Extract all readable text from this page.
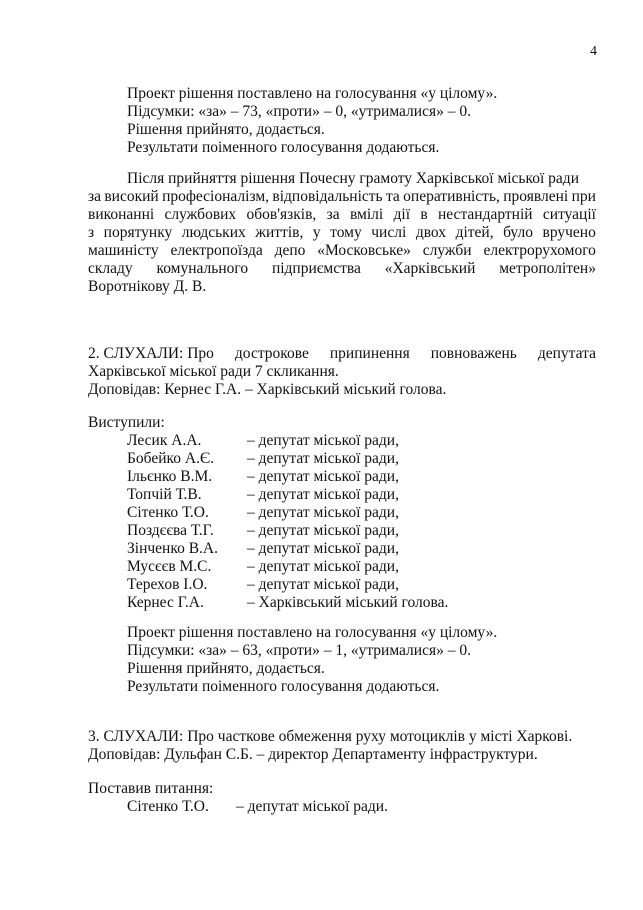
4
Проект рішення поставлено на голосування «у цілому».
Підсумки: «за» – 73, «проти» – 0, «утрималися» – 0.
Рішення прийнято, додається.
Результати поіменного голосування додаються.
Після прийняття рішення Почесну грамоту Харківської міської ради
за високий професіоналізм, відповідальність та оперативність, проявлені при
виконанні службових обов'язків, за вмілі дії в нестандартній ситуації
з порятунку людських життів, у тому числі двох дітей, було вручено
машиністу електропоїзда депо «Московське» служби електрорухомого
складу комунального підприємства «Харківський метрополітен»
Воротнікову Д. В.
2. СЛУХАЛИ: Про дострокове припинення повноважень депутата
Харківської міської ради 7 скликання.
Доповідав: Кернес Г.А. – Харківський міський голова.
Виступили:
Лесик А.А.	– депутат міської ради,
Бобейко А.Є. – депутат міської ради,
Ільєнко В.М. – депутат міської ради,
Топчій Т.В.	– депутат міської ради,
Сітенко Т.О. – депутат міської ради,
Поздєєва Т.Г. – депутат міської ради,
Зінченко В.А. – депутат міської ради,
Мусєєв М.С. – депутат міської ради,
Терехов І.О.	– депутат міської ради,
Кернес Г.А.	– Харківський міський голова.
Проект рішення поставлено на голосування «у цілому».
Підсумки: «за» – 63, «проти» – 1, «утрималися» – 0.
Рішення прийнято, додається.
Результати поіменного голосування додаються.
3. СЛУХАЛИ: Про часткове обмеження руху мотоциклів у місті Харкові.
Доповідав: Дульфан С.Б. – директор Департаменту інфраструктури.
Поставив питання:
Сітенко Т.О. – депутат міської ради.
